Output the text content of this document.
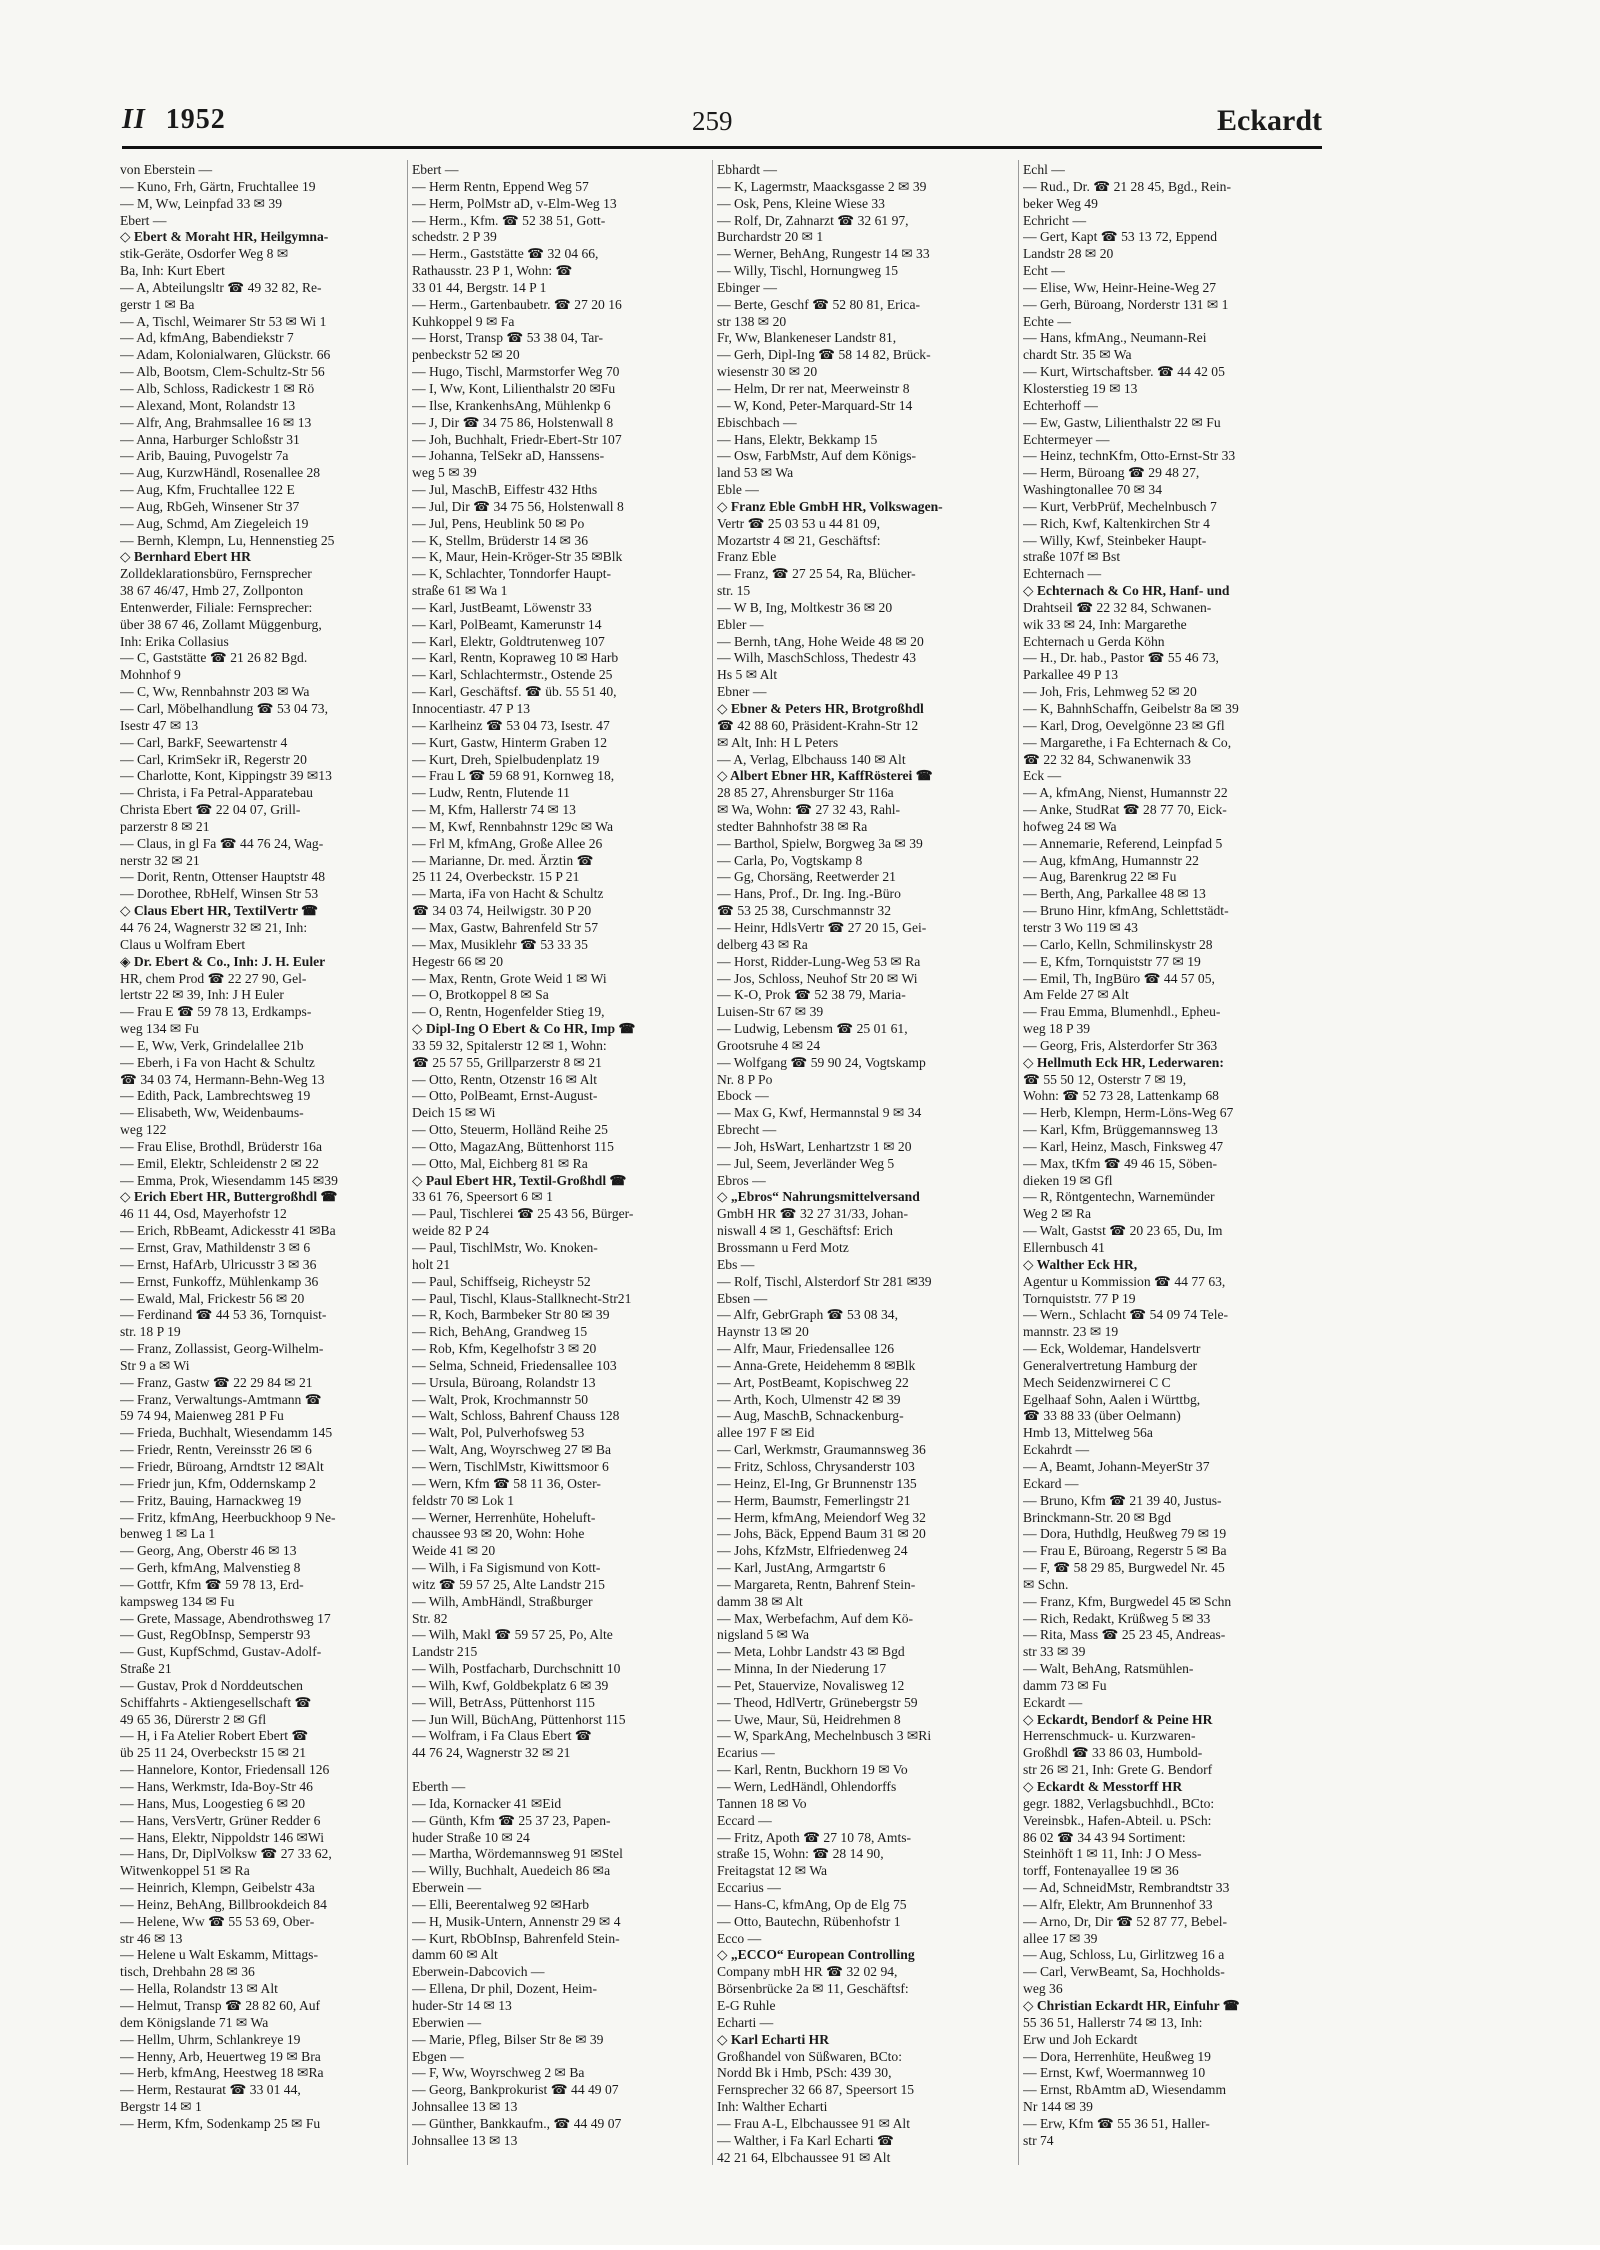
II 1952	259	Eckardt
von Eberstein —
— Kuno, Frh, Gärtn, Fruchtallee 19
— M, Ww, Leinpfad 33 ✉ 39
Ebert —
◇ Ebert & Moraht HR, Heilgymna-
stik-Geräte, Osdorfer Weg 8 ✉
Ba, Inh: Kurt Ebert
— A, Abteilungsltr ☎ 49 32 82, Re-
gerstr 1 ✉ Ba
— A, Tischl, Weimarer Str 53 ✉ Wi 1
— Ad, kfmAng, Babendiekstr 7
— Adam, Kolonialwaren, Glückstr. 66
— Alb, Bootsm, Clem-Schultz-Str 56
— Alb, Schloss, Radickestr 1 ✉ Rö
— Alexand, Mont, Rolandstr 13
— Alfr, Ang, Brahmsallee 16 ✉ 13
— Anna, Harburger Schloßstr 31
— Arib, Bauing, Puvogelstr 7a
— Aug, KurzwHändl, Rosenallee 28
— Aug, Kfm, Fruchtallee 122 E
— Aug, RbGeh, Winsener Str 37
— Aug, Schmd, Am Ziegeleich 19
— Bernh, Klempn, Lu, Hennenstieg 25
◇ Bernhard Ebert HR
Zolldeklarationsbüro, Fernsprecher
38 67 46/47, Hmb 27, Zollponton
Entenwerder, Filiale: Fernsprecher:
über 38 67 46, Zollamt Müggenburg,
Inh: Erika Collasius
— C, Gaststätte ☎ 21 26 82 Bgd.
Mohnhof 9
— C, Ww, Rennbahnstr 203 ✉ Wa
— Carl, Möbelhandlung ☎ 53 04 73,
Isestr 47 ✉ 13
— Carl, BarkF, Seewartenstr 4
— Carl, KrimSekr iR, Regerstr 20
— Charlotte, Kont, Kippingstr 39 ✉13
— Christa, i Fa Petral-Apparatebau
Christa Ebert ☎ 22 04 07, Grill-
parzerstr 8 ✉ 21
— Claus, in gl Fa ☎ 44 76 24, Wag-
nerstr 32 ✉ 21
— Dorit, Rentn, Ottenser Hauptstr 48
— Dorothee, RbHelf, Winsen Str 53
◇ Claus Ebert HR, TextilVertr ☎
44 76 24, Wagnerstr 32 ✉ 21, Inh:
Claus u Wolfram Ebert
◈ Dr. Ebert & Co., Inh: J. H. Euler
HR, chem Prod ☎ 22 27 90, Gel-
lertstr 22 ✉ 39, Inh: J H Euler
— Frau E ☎ 59 78 13, Erdkamps-
weg 134 ✉ Fu
— E, Ww, Verk, Grindelallee 21b
— Eberh, i Fa von Hacht & Schultz
☎ 34 03 74, Hermann-Behn-Weg 13
— Edith, Pack, Lambrechtsweg 19
— Elisabeth, Ww, Weidenbaums-
weg 122
— Frau Elise, Brothdl, Brüderstr 16a
— Emil, Elektr, Schleidenstr 2 ✉ 22
— Emma, Prok, Wiesendamm 145 ✉39
◇ Erich Ebert HR, Buttergroßhdl ☎
46 11 44, Osd, Mayerhofstr 12
— Erich, RbBeamt, Adickesstr 41 ✉Ba
— Ernst, Grav, Mathildenstr 3 ✉ 6
— Ernst, HafArb, Ulricusstr 3 ✉ 36
— Ernst, Funkoffz, Mühlenkamp 36
— Ewald, Mal, Frickestr 56 ✉ 20
— Ferdinand ☎ 44 53 36, Tornquist-
str. 18 P 19
— Franz, Zollassist, Georg-Wilhelm-
Str 9 a ✉ Wi
— Franz, Gastw ☎ 22 29 84 ✉ 21
— Franz, Verwaltungs-Amtmann ☎
59 74 94, Maienweg 281 P Fu
— Frieda, Buchhalt, Wiesendamm 145
— Friedr, Rentn, Vereinsstr 26 ✉ 6
— Friedr, Büroang, Arndtstr 12 ✉Alt
— Friedr jun, Kfm, Oddernskamp 2
— Fritz, Bauing, Harnackweg 19
— Fritz, kfmAng, Heerbuckhoop 9 Ne-
benweg 1 ✉ La 1
— Georg, Ang, Oberstr 46 ✉ 13
— Gerh, kfmAng, Malvenstieg 8
— Gottfr, Kfm ☎ 59 78 13, Erd-
kampsweg 134 ✉ Fu
— Grete, Massage, Abendrothsweg 17
— Gust, RegObInsp, Semperstr 93
— Gust, KupfSchmd, Gustav-Adolf-
Straße 21
— Gustav, Prok d Norddeutschen
Schiffahrts - Aktiengesellschaft ☎
49 65 36, Dürerstr 2 ✉ Gfl
— H, i Fa Atelier Robert Ebert ☎
üb 25 11 24, Overbeckstr 15 ✉ 21
— Hannelore, Kontor, Friedensall 126
— Hans, Werkmstr, Ida-Boy-Str 46
— Hans, Mus, Loogestieg 6 ✉ 20
— Hans, VersVertr, Grüner Redder 6
— Hans, Elektr, Nippoldstr 146 ✉Wi
— Hans, Dr, DiplVolksw ☎ 27 33 62,
Witwenkoppel 51 ✉ Ra
— Heinrich, Klempn, Geibelstr 43a
— Heinz, BehAng, Billbrookdeich 84
— Helene, Ww ☎ 55 53 69, Ober-
str 46 ✉ 13
— Helene u Walt Eskamm, Mittags-
tisch, Drehbahn 28 ✉ 36
— Hella, Rolandstr 13 ✉ Alt
— Helmut, Transp ☎ 28 82 60, Auf
dem Königslande 71 ✉ Wa
— Hellm, Uhrm, Schlankreye 19
— Henny, Arb, Heuertweg 19 ✉ Bra
— Herb, kfmAng, Heestweg 18 ✉Ra
— Herm, Restaurat ☎ 33 01 44,
Bergstr 14 ✉ 1
— Herm, Kfm, Sodenkamp 25 ✉ Fu
Ebert —
— Herm Rentn, Eppend Weg 57
— Herm, PolMstr aD, v-Elm-Weg 13
— Herm., Kfm. ☎ 52 38 51, Gott-
schedstr. 2 P 39
— Herm., Gaststätte ☎ 32 04 66,
Rathausstr. 23 P 1, Wohn: ☎
33 01 44, Bergstr. 14 P 1
— Herm., Gartenbaubetr. ☎ 27 20 16
Kuhkoppel 9 ✉ Fa
— Horst, Transp ☎ 53 38 04, Tar-
penbeckstr 52 ✉ 20
— Hugo, Tischl, Marmstorfer Weg 70
— I, Ww, Kont, Lilienthalstr 20 ✉Fu
— Ilse, KrankenhsAng, Mühlenkp 6
— J, Dir ☎ 34 75 86, Holstenwall 8
— Joh, Buchhalt, Friedr-Ebert-Str 107
— Johanna, TelSekr aD, Hanssens-
weg 5 ✉ 39
— Jul, MaschB, Eiffestr 432 Hths
— Jul, Dir ☎ 34 75 56, Holstenwall 8
— Jul, Pens, Heublink 50 ✉ Po
— K, Stellm, Brüderstr 14 ✉ 36
— K, Maur, Hein-Kröger-Str 35 ✉Blk
— K, Schlachter, Tonndorfer Haupt-
straße 61 ✉ Wa 1
— Karl, JustBeamt, Löwenstr 33
— Karl, PolBeamt, Kamerunstr 14
— Karl, Elektr, Goldtrutenweg 107
— Karl, Rentn, Kopraweg 10 ✉ Harb
— Karl, Schlachtermstr., Ostende 25
— Karl, Geschäftsf. ☎ üb. 55 51 40,
Innocentiastr. 47 P 13
— Karlheinz ☎ 53 04 73, Isestr. 47
— Kurt, Gastw, Hinterm Graben 12
— Kurt, Dreh, Spielbudenplatz 19
— Frau L ☎ 59 68 91, Kornweg 18,
— Ludw, Rentn, Flutende 11
— M, Kfm, Hallerstr 74 ✉ 13
— M, Kwf, Rennbahnstr 129c ✉ Wa
— Frl M, kfmAng, Große Allee 26
— Marianne, Dr. med. Ärztin ☎
25 11 24, Overbeckstr. 15 P 21
— Marta, iFa von Hacht & Schultz
☎ 34 03 74, Heilwigstr. 30 P 20
— Max, Gastw, Bahrenfeld Str 57
— Max, Musiklehr ☎ 53 33 35
Hegestr 66 ✉ 20
— Max, Rentn, Grote Weid 1 ✉ Wi
— O, Brotkoppel 8 ✉ Sa
— O, Rentn, Hogenfelder Stieg 19,
◇ Dipl-Ing O Ebert & Co HR, Imp ☎
33 59 32, Spitalerstr 12 ✉ 1, Wohn:
☎ 25 57 55, Grillparzerstr 8 ✉ 21
— Otto, Rentn, Otzenstr 16 ✉ Alt
— Otto, PolBeamt, Ernst-August-
Deich 15 ✉ Wi
— Otto, Steuerm, Holländ Reihe 25
— Otto, MagazAng, Büttenhorst 115
— Otto, Mal, Eichberg 81 ✉ Ra
◇ Paul Ebert HR, Textil-Großhdl ☎
33 61 76, Speersort 6 ✉ 1
— Paul, Tischlerei ☎ 25 43 56, Bürger-
weide 82 P 24
— Paul, TischlMstr, Wo. Knoken-
holt 21
— Paul, Schiffseig, Richeystr 52
— Paul, Tischl, Klaus-Stallknecht-Str21
— R, Koch, Barmbeker Str 80 ✉ 39
— Rich, BehAng, Grandweg 15
— Rob, Kfm, Kegelhofstr 3 ✉ 20
— Selma, Schneid, Friedensallee 103
— Ursula, Büroang, Rolandstr 13
— Walt, Prok, Krochmannstr 50
— Walt, Schloss, Bahrenf Chauss 128
— Walt, Pol, Pulverhofsweg 53
— Walt, Ang, Woyrschweg 27 ✉ Ba
— Wern, TischlMstr, Kiwittsmoor 6
— Wern, Kfm ☎ 58 11 36, Oster-
feldstr 70 ✉ Lok 1
— Werner, Herrenhüte, Hoheluft-
chaussee 93 ✉ 20, Wohn: Hohe
Weide 41 ✉ 20
— Wilh, i Fa Sigismund von Kott-
witz ☎ 59 57 25, Alte Landstr 215
— Wilh, AmbHändl, Straßburger
Str. 82
— Wilh, Makl ☎ 59 57 25, Po, Alte
Landstr 215
— Wilh, Postfacharb, Durchschnitt 10
— Wilh, Kwf, Goldbekplatz 6 ✉ 39
— Will, BetrAss, Püttenhorst 115
— Jun Will, BüchAng, Püttenhorst 115
— Wolfram, i Fa Claus Ebert ☎
44 76 24, Wagnerstr 32 ✉ 21
Eberth —
— Ida, Kornacker 41 ✉Eid
— Günth, Kfm ☎ 25 37 23, Papen-
huder Straße 10 ✉ 24
— Martha, Wördemannsweg 91 ✉Stel
— Willy, Buchhalt, Auedeich 86 ✉a
Eberwein —
— Elli, Beerentalweg 92 ✉Harb
— H, Musik-Untern, Annenstr 29 ✉ 4
— Kurt, RbObInsp, Bahrenfeld Stein-
damm 60 ✉ Alt
Eberwein-Dabcovich —
— Ellena, Dr phil, Dozent, Heim-
huder-Str 14 ✉ 13
Eberwien —
— Marie, Pfleg, Bilser Str 8e ✉ 39
Ebgen —
— F, Ww, Woyrschweg 2 ✉ Ba
— Georg, Bankprokurist ☎ 44 49 07
Johnsallee 13 ✉ 13
— Günther, Bankkaufm., ☎ 44 49 07
Johnsallee 13 ✉ 13
Ebhardt —
— K, Lagermstr, Maacksgasse 2 ✉ 39
— Osk, Pens, Kleine Wiese 33
— Rolf, Dr, Zahnarzt ☎ 32 61 97,
Burchardstr 20 ✉ 1
— Werner, BehAng, Rungestr 14 ✉ 33
— Willy, Tischl, Hornungweg 15
Ebinger —
— Berte, Geschf ☎ 52 80 81, Erica-
str 138 ✉ 20
Fr, Ww, Blankeneser Landstr 81,
— Gerh, Dipl-Ing ☎ 58 14 82, Brück-
wiesenstr 30 ✉ 20
— Helm, Dr rer nat, Meerweinstr 8
— W, Kond, Peter-Marquard-Str 14
Ebischbach —
— Hans, Elektr, Bekkamp 15
— Osw, FarbMstr, Auf dem Königs-
land 53 ✉ Wa
Eble —
◇ Franz Eble GmbH HR, Volkswagen-
Vertr ☎ 25 03 53 u 44 81 09,
Mozartstr 4 ✉ 21, Geschäftsf:
Franz Eble
— Franz, ☎ 27 25 54, Ra, Blücher-
str. 15
— W B, Ing, Moltkestr 36 ✉ 20
Ebler —
— Bernh, tAng, Hohe Weide 48 ✉ 20
— Wilh, MaschSchloss, Thedestr 43
Hs 5 ✉ Alt
Ebner —
◇ Ebner & Peters HR, Brotgroßhdl
☎ 42 88 60, Präsident-Krahn-Str 12
✉ Alt, Inh: H L Peters
— A, Verlag, Elbchauss 140 ✉ Alt
◇ Albert Ebner HR, KaffRösterei ☎
28 85 27, Ahrensburger Str 116a
✉ Wa, Wohn: ☎ 27 32 43, Rahl-
stedter Bahnhofstr 38 ✉ Ra
— Barthol, Spielw, Borgweg 3a ✉ 39
— Carla, Po, Vogtskamp 8
— Gg, Chorsäng, Reetwerder 21
— Hans, Prof., Dr. Ing. Ing.-Büro
☎ 53 25 38, Curschmannstr 32
— Heinr, HdlsVertr ☎ 27 20 15, Gei-
delberg 43 ✉ Ra
— Horst, Ridder-Lung-Weg 53 ✉ Ra
— Jos, Schloss, Neuhof Str 20 ✉ Wi
— K-O, Prok ☎ 52 38 79, Maria-
Luisen-Str 67 ✉ 39
— Ludwig, Lebensm ☎ 25 01 61,
Grootsruhe 4 ✉ 24
— Wolfgang ☎ 59 90 24, Vogtskamp
Nr. 8 P Po
Ebock —
— Max G, Kwf, Hermannstal 9 ✉ 34
Ebrecht —
— Joh, HsWart, Lenhartzstr 1 ✉ 20
— Jul, Seem, Jeverländer Weg 5
Ebros —
◇ „Ebros“ Nahrungsmittelversand
GmbH HR ☎ 32 27 31/33, Johan-
niswall 4 ✉ 1, Geschäftsf: Erich
Brossmann u Ferd Motz
Ebs —
— Rolf, Tischl, Alsterdorf Str 281 ✉39
Ebsen —
— Alfr, GebrGraph ☎ 53 08 34,
Haynstr 13 ✉ 20
— Alfr, Maur, Friedensallee 126
— Anna-Grete, Heidehemm 8 ✉Blk
— Art, PostBeamt, Kopischweg 22
— Arth, Koch, Ulmenstr 42 ✉ 39
— Aug, MaschB, Schnackenburg-
allee 197 F ✉ Eid
— Carl, Werkmstr, Graumannsweg 36
— Fritz, Schloss, Chrysanderstr 103
— Heinz, El-Ing, Gr Brunnenstr 135
— Herm, Baumstr, Femerlingstr 21
— Herm, kfmAng, Meiendorf Weg 32
— Johs, Bäck, Eppend Baum 31 ✉ 20
— Johs, KfzMstr, Elfriedenweg 24
— Karl, JustAng, Armgartstr 6
— Margareta, Rentn, Bahrenf Stein-
damm 38 ✉ Alt
— Max, Werbefachm, Auf dem Kö-
nigsland 5 ✉ Wa
— Meta, Lohbr Landstr 43 ✉ Bgd
— Minna, In der Niederung 17
— Pet, Stauervize, Novalisweg 12
— Theod, HdlVertr, Grünebergstr 59
— Uwe, Maur, Sü, Heidrehmen 8
— W, SparkAng, Mechelnbusch 3 ✉Ri
Ecarius —
— Karl, Rentn, Buckhorn 19 ✉ Vo
— Wern, LedHändl, Ohlendorffs
Tannen 18 ✉ Vo
Eccard —
— Fritz, Apoth ☎ 27 10 78, Amts-
straße 15, Wohn: ☎ 28 14 90,
Freitagstat 12 ✉ Wa
Eccarius —
— Hans-C, kfmAng, Op de Elg 75
— Otto, Bautechn, Rübenhofstr 1
Ecco —
◇ „ECCO“ European Controlling
Company mbH HR ☎ 32 02 94,
Börsenbrücke 2a ✉ 11, Geschäftsf:
E-G Ruhle
Echarti —
◇ Karl Echarti HR
Großhandel von Süßwaren, BCto:
Nordd Bk i Hmb, PSch: 439 30,
Fernsprecher 32 66 87, Speersort 15
Inh: Walther Echarti
— Frau A-L, Elbchaussee 91 ✉ Alt
— Walther, i Fa Karl Echarti ☎
42 21 64, Elbchaussee 91 ✉ Alt
Echl —
— Rud., Dr. ☎ 21 28 45, Bgd., Rein-
beker Weg 49
Echricht —
— Gert, Kapt ☎ 53 13 72, Eppend
Landstr 28 ✉ 20
Echt —
— Elise, Ww, Heinr-Heine-Weg 27
— Gerh, Büroang, Norderstr 131 ✉ 1
Echte —
— Hans, kfmAng., Neumann-Rei
chardt Str. 35 ✉ Wa
— Kurt, Wirtschaftsber. ☎ 44 42 05
Klosterstieg 19 ✉ 13
Echterhoff —
— Ew, Gastw, Lilienthalstr 22 ✉ Fu
Echtermeyer —
— Heinz, technKfm, Otto-Ernst-Str 33
— Herm, Büroang ☎ 29 48 27,
Washingtonallee 70 ✉ 34
— Kurt, VerbPrüf, Mechelnbusch 7
— Rich, Kwf, Kaltenkirchen Str 4
— Willy, Kwf, Steinbeker Haupt-
straße 107f ✉ Bst
Echternach —
◇ Echternach & Co HR, Hanf- und
Drahtseil ☎ 22 32 84, Schwanen-
wik 33 ✉ 24, Inh: Margarethe
Echternach u Gerda Köhn
— H., Dr. hab., Pastor ☎ 55 46 73,
Parkallee 49 P 13
— Joh, Fris, Lehmweg 52 ✉ 20
— K, BahnhSchaffn, Geibelstr 8a ✉ 39
— Karl, Drog, Oevelgönne 23 ✉ Gfl
— Margarethe, i Fa Echternach & Co,
☎ 22 32 84, Schwanenwik 33
Eck —
— A, kfmAng, Nienst, Humannstr 22
— Anke, StudRat ☎ 28 77 70, Eick-
hofweg 24 ✉ Wa
— Annemarie, Referend, Leinpfad 5
— Aug, kfmAng, Humannstr 22
— Aug, Barenkrug 22 ✉ Fu
— Berth, Ang, Parkallee 48 ✉ 13
— Bruno Hinr, kfmAng, Schlettstädt-
terstr 3 Wo 119 ✉ 43
— Carlo, Kelln, Schmilinskystr 28
— E, Kfm, Tornquiststr 77 ✉ 19
— Emil, Th, IngBüro ☎ 44 57 05,
Am Felde 27 ✉ Alt
— Frau Emma, Blumenhdl., Epheu-
weg 18 P 39
— Georg, Fris, Alsterdorfer Str 363
◇ Hellmuth Eck HR, Lederwaren:
☎ 55 50 12, Osterstr 7 ✉ 19,
Wohn: ☎ 52 73 28, Lattenkamp 68
— Herb, Klempn, Herm-Löns-Weg 67
— Karl, Kfm, Brüggemannsweg 13
— Karl, Heinz, Masch, Finksweg 47
— Max, tKfm ☎ 49 46 15, Söben-
dieken 19 ✉ Gfl
— R, Röntgentechn, Warnemünder
Weg 2 ✉ Ra
— Walt, Gastst ☎ 20 23 65, Du, Im
Ellernbusch 41
◇ Walther Eck HR,
Agentur u Kommission ☎ 44 77 63,
Tornquiststr. 77 P 19
— Wern., Schlacht ☎ 54 09 74 Tele-
mannstr. 23 ✉ 19
— Eck, Woldemar, Handelsvertr
Generalvertretung Hamburg der
Mech Seidenzwirnerei C C
Egelhaaf Sohn, Aalen i Württbg,
☎ 33 88 33 (über Oelmann)
Hmb 13, Mittelweg 56a
Eckahrdt —
— A, Beamt, Johann-MeyerStr 37
Eckard —
— Bruno, Kfm ☎ 21 39 40, Justus-
Brinckmann-Str. 20 ✉ Bgd
— Dora, Huthdlg, Heußweg 79 ✉ 19
— Frau E, Büroang, Regerstr 5 ✉ Ba
— F, ☎ 58 29 85, Burgwedel Nr. 45
✉ Schn.
— Franz, Kfm, Burgwedel 45 ✉ Schn
— Rich, Redakt, Krüßweg 5 ✉ 33
— Rita, Mass ☎ 25 23 45, Andreas-
str 33 ✉ 39
— Walt, BehAng, Ratsmühlen-
damm 73 ✉ Fu
Eckardt —
◇ Eckardt, Bendorf & Peine HR
Herrenschmuck- u. Kurzwaren-
Großhdl ☎ 33 86 03, Humbold-
str 26 ✉ 21, Inh: Grete G. Bendorf
◇ Eckardt & Messtorff HR
gegr. 1882, Verlagsbuchhdl., BCto:
Vereinsbk., Hafen-Abteil. u. PSch:
86 02 ☎ 34 43 94 Sortiment:
Steinhöft 1 ✉ 11, Inh: J O Mess-
torff, Fontenayallee 19 ✉ 36
— Ad, SchneidMstr, Rembrandtstr 33
— Alfr, Elektr, Am Brunnenhof 33
— Arno, Dr, Dir ☎ 52 87 77, Bebel-
allee 17 ✉ 39
— Aug, Schloss, Lu, Girlitzweg 16 a
— Carl, VerwBeamt, Sa, Hochholds-
weg 36
◇ Christian Eckardt HR, Einfuhr ☎
55 36 51, Hallerstr 74 ✉ 13, Inh:
Erw und Joh Eckardt
— Dora, Herrenhüte, Heußweg 19
— Ernst, Kwf, Woermannweg 10
— Ernst, RbAmtm aD, Wiesendamm
Nr 144 ✉ 39
— Erw, Kfm ☎ 55 36 51, Haller-
str 74
